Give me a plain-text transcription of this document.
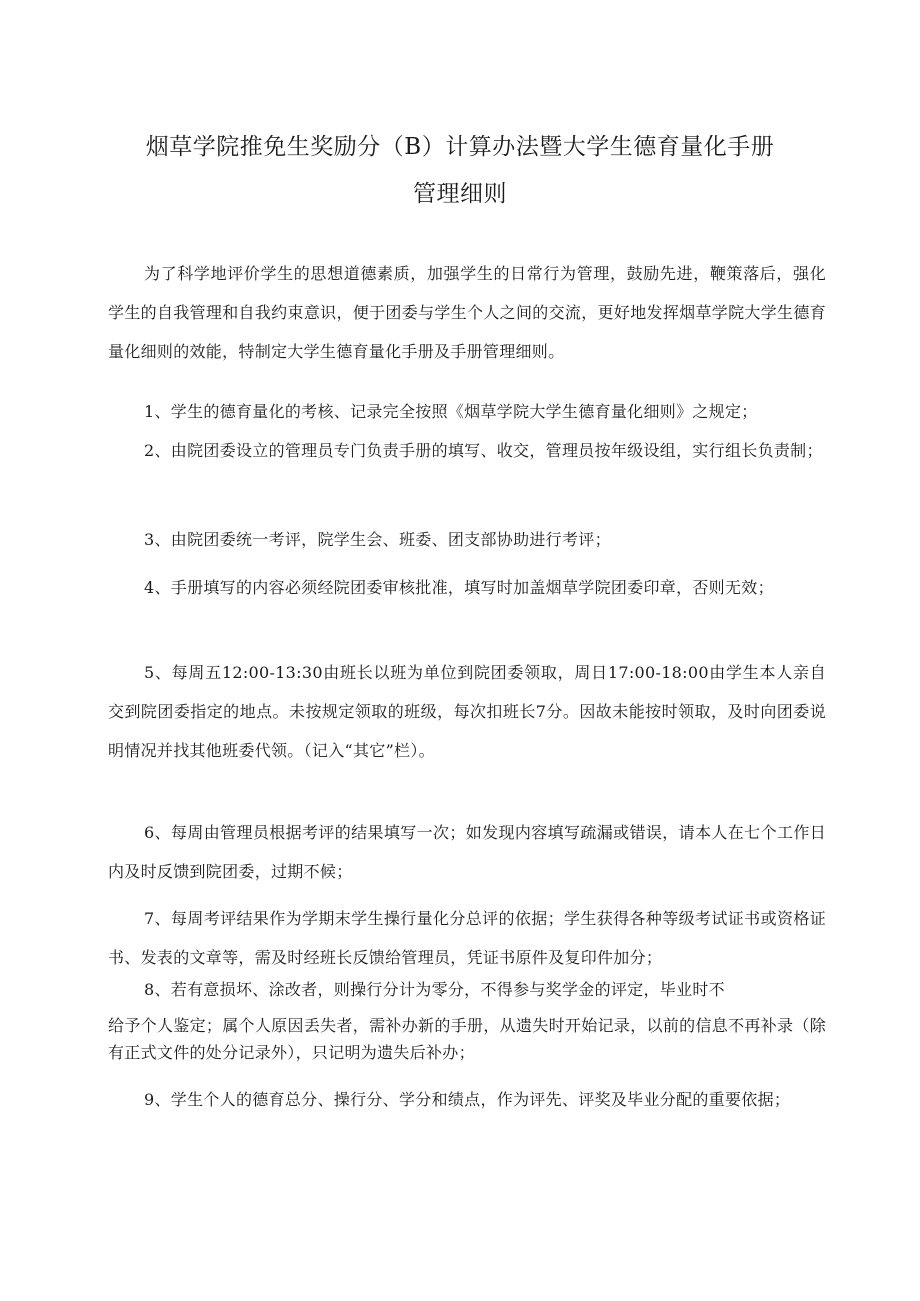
烟草学院推免生奖励分（B）计算办法暨大学生德育量化手册
管理细则

为了科学地评价学生的思想道德素质，加强学生的日常行为管理，鼓励先进，鞭策落后，强化学生的自我管理和自我约束意识，便于团委与学生个人之间的交流，更好地发挥烟草学院大学生德育量化细则的效能，特制定大学生德育量化手册及手册管理细则。

1、学生的德育量化的考核、记录完全按照《烟草学院大学生德育量化细则》之规定；

2、由院团委设立的管理员专门负责手册的填写、收交，管理员按年级设组，实行组长负责制；

3、由院团委统一考评，院学生会、班委、团支部协助进行考评；

4、手册填写的内容必须经院团委审核批准，填写时加盖烟草学院团委印章，否则无效；

5、每周五12:00-13:30由班长以班为单位到院团委领取，周日17:00-18:00由学生本人亲自交到院团委指定的地点。未按规定领取的班级，每次扣班长7分。因故未能按时领取，及时向团委说明情况并找其他班委代领。（记入“其它”栏）。

6、每周由管理员根据考评的结果填写一次；如发现内容填写疏漏或错误，请本人在七个工作日内及时反馈到院团委，过期不候；

7、每周考评结果作为学期末学生操行量化分总评的依据；学生获得各种等级考试证书或资格证书、发表的文章等，需及时经班长反馈给管理员，凭证书原件及复印件加分；

8、若有意损坏、涂改者，则操行分计为零分，不得参与奖学金的评定，毕业时不

给予个人鉴定；属个人原因丢失者，需补办新的手册，从遗失时开始记录，以前的信息不再补录（除有正式文件的处分记录外），只记明为遗失后补办；

9、学生个人的德育总分、操行分、学分和绩点，作为评先、评奖及毕业分配的重要依据；
